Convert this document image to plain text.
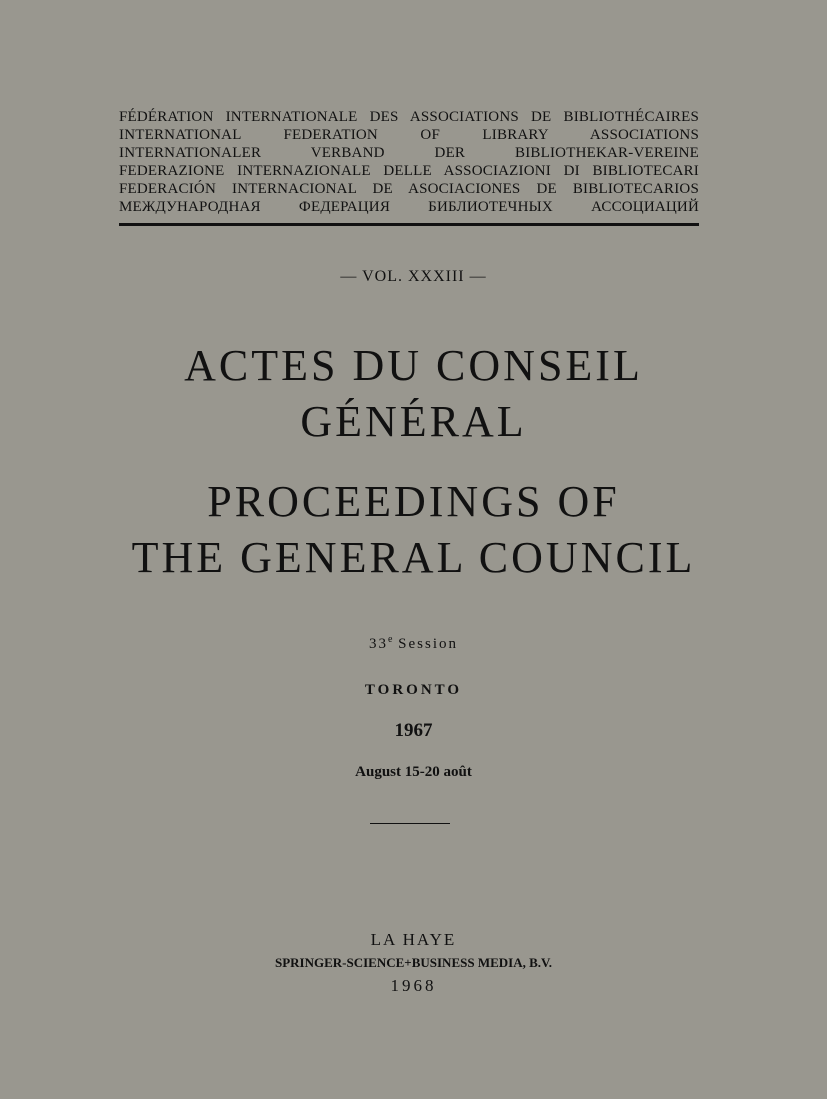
FÉDÉRATION INTERNATIONALE DES ASSOCIATIONS DE BIBLIOTHÉCAIRES
INTERNATIONAL FEDERATION OF LIBRARY ASSOCIATIONS
INTERNATIONALER VERBAND DER BIBLIOTHEKAR-VEREINE
FEDERAZIONE INTERNAZIONALE DELLE ASSOCIAZIONI DI BIBLIOTECARI
FEDERACIÓN INTERNACIONAL DE ASOCIACIONES DE BIBLIOTECARIOS
МЕЖДУНАРОДНАЯ ФЕДЕРАЦИЯ БИБЛИОТЕЧНЫХ АССОЦИАЦИЙ
— VOL. XXXIII —
ACTES DU CONSEIL
GÉNÉRAL
PROCEEDINGS OF
THE GENERAL COUNCIL
33e Session
TORONTO
1967
August 15-20 août
LA HAYE
SPRINGER-SCIENCE+BUSINESS MEDIA, B.V.
1968
